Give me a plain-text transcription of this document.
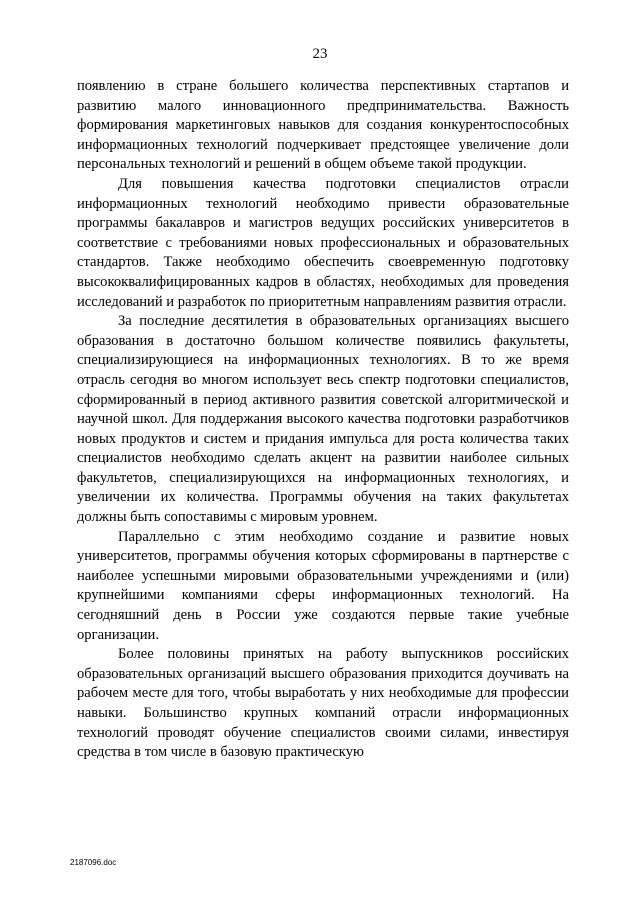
23

появлению в стране большего количества перспективных стартапов и развитию малого инновационного предпринимательства. Важность формирования маркетинговых навыков для создания конкурентоспособных информационных технологий подчеркивает предстоящее увеличение доли персональных технологий и решений в общем объеме такой продукции.

Для повышения качества подготовки специалистов отрасли информационных технологий необходимо привести образовательные программы бакалавров и магистров ведущих российских университетов в соответствие с требованиями новых профессиональных и образовательных стандартов. Также необходимо обеспечить своевременную подготовку высококвалифицированных кадров в областях, необходимых для проведения исследований и разработок по приоритетным направлениям развития отрасли.

За последние десятилетия в образовательных организациях высшего образования в достаточно большом количестве появились факультеты, специализирующиеся на информационных технологиях. В то же время отрасль сегодня во многом использует весь спектр подготовки специалистов, сформированный в период активного развития советской алгоритмической и научной школ. Для поддержания высокого качества подготовки разработчиков новых продуктов и систем и придания импульса для роста количества таких специалистов необходимо сделать акцент на развитии наиболее сильных факультетов, специализирующихся на информационных технологиях, и увеличении их количества. Программы обучения на таких факультетах должны быть сопоставимы с мировым уровнем.

Параллельно с этим необходимо создание и развитие новых университетов, программы обучения которых сформированы в партнерстве с наиболее успешными мировыми образовательными учреждениями и (или) крупнейшими компаниями сферы информационных технологий. На сегодняшний день в России уже создаются первые такие учебные организации.

Более половины принятых на работу выпускников российских образовательных организаций высшего образования приходится доучивать на рабочем месте для того, чтобы выработать у них необходимые для профессии навыки. Большинство крупных компаний отрасли информационных технологий проводят обучение специалистов своими силами, инвестируя средства в том числе в базовую практическую

2187096.doc
